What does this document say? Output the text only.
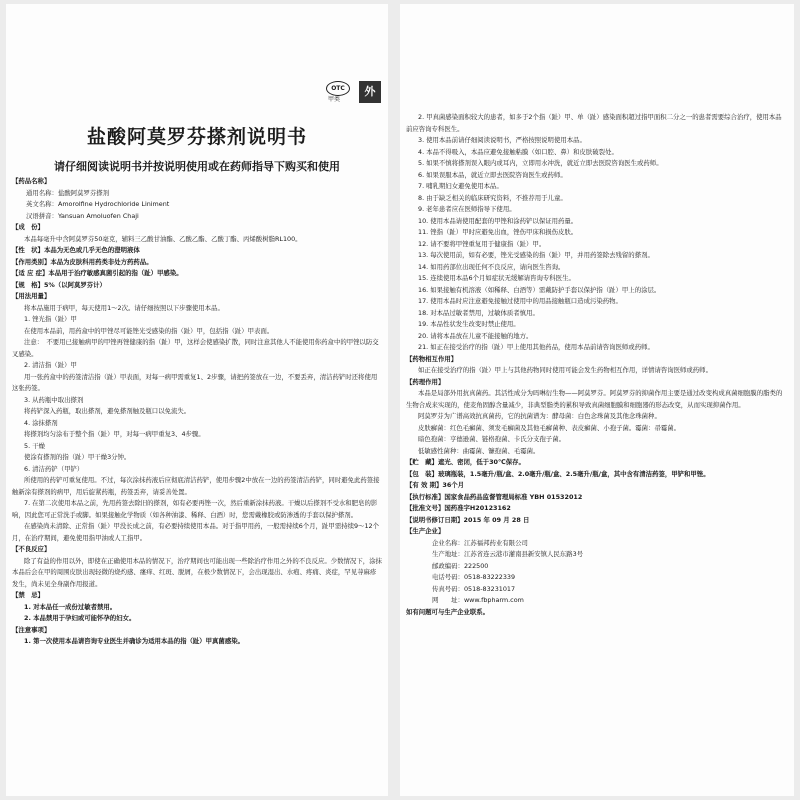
OTC
甲类
外
盐酸阿莫罗芬搽剂说明书
请仔细阅读说明书并按说明使用或在药师指导下购买和使用

【药品名称】

通用名称：盐酸阿莫罗芬搽剂

英文名称：Amorolfine Hydrochloride Liniment

汉语拼音：Yansuan Amoluofen Chaji

【成　份】

本品每毫升中含阿莫罗芬50毫克，辅料三乙酸甘油酯、乙酸乙酯、乙酸丁酯、丙烯酸树脂RL100。

【性　状】本品为无色或几乎无色的澄明液体

【作用类别】本品为皮肤科用药类非处方药药品。

【适 应 症】本品用于治疗敏感真菌引起的指（趾）甲感染。

【规　格】5%（以阿莫罗芬计）

【用法用量】

将本品施用于病甲，每天使用1～2次。请仔细按照以下步骤使用本品。

1. 锉光指（趾）甲

在使用本品前，用药盒中的甲锉尽可能锉光受感染的指（趾）甲，包括指（趾）甲表面。

注意：　不要用已接触病甲的甲锉再锉健康的指（趾）甲，这样会使感染扩散，同时注意其他人不能使用你药盒中的甲锉以防交叉感染。

2. 清洁指（趾）甲

用一张药盒中的药签清洁指（趾）甲表面，对每一病甲需重复1、2步骤，请把药签放在一边，不要丢弃，清洁药铲时还将使用这张药签。

3. 从药瓶中取出搽剂

将药铲深入药瓶，取出搽剂，避免搽剂触及瓶口以免流失。

4. 涂抹搽剂

将搽剂均匀涂布于整个指（趾）甲，对每一病甲重复3、4步骤。

5. 干燥

使涂有搽剂的指（趾）甲干燥3分钟。

6. 清洁药铲（甲铲）

所使用的药铲可重复使用。不过，每次涂抹药液后应彻底清洁药铲，使用步骤2中放在一边的药签清洁药铲，同时避免此药签接触新涂有搽剂的病甲，用后旋紧药瓶，药签丢弃，请妥善处置。

7. 在第二次使用本品之前，先用药签去除旧的搽剂，如有必要再锉一次，然后重新涂抹药液。干燥以后搽剂不受水和肥皂的影响，因此您可正常洗手或脚。如果接触化学物质（如各种油漆、稀释、白酒）时，您需戴橡胶或防渗透的手套以保护搽剂。

在感染尚未清除、正常指（趾）甲没长成之前，有必要持续使用本品。对于指甲用药，一般需持续6个月，趾甲需持续9～12个月，在治疗期间，避免使用指甲油或人工指甲。

【不良反应】

除了有益的作用以外，即使在正确使用本品的情况下，治疗期间也可能出现一些除治疗作用之外的不良反应。少数情况下，涂抹本品后会在甲的周围皮肤出现轻微的烧灼感、瘙痒、红斑、脱屑，在极少数情况下，会出现湿出、水疱、疼痛、炎症，罕见荨麻疹发生，尚未见全身副作用报道。

【禁　忌】

1. 对本品任一成份过敏者禁用。

2. 本品禁用于孕妇或可能怀孕的妇女。

【注意事项】

1. 第一次使用本品请咨询专业医生并确诊为适用本品的指（趾）甲真菌感染。

2. 甲真菌感染面积较大的患者，如多于2个指（趾）甲、单（趾）感染面积超过指甲面积二分之一的患者需要综合治疗，使用本品前应咨询专科医生。

3. 使用本品前请仔细阅读说明书，严格按照说明使用本品。

4. 本品不得吸入，本品应避免接触粘膜（如口腔、鼻）和皮肤破裂处。

5. 如果不慎将搽剂误入眼内或耳内，立即用水冲洗，就近立即去医院咨询医生或药师。

6. 如果误服本品，就近立即去医院咨询医生或药师。

7. 哺乳期妇女避免使用本品。

8. 由于缺乏相关的临床研究资料，不推荐用于儿童。

9. 老年患者应在医师指导下使用。

10. 使用本品请使用配套的甲锉和涂药铲以保证用药量。

11. 锉指（趾）甲时应避免出血，锉伤甲床和损伤皮肤。

12. 请不要将甲锉重复用于健康指（趾）甲。

13. 每次使用前，如有必要，锉光受感染的指（趾）甲，并用药签除去残留的搽剂。

14. 如用药部位出现任何不良反应，请向医生咨询。

15. 连续使用本品6个月如症状无缓解请咨询专科医生。

16. 如果接触有机溶液（如稀释、白酒等）需戴防护手套以保护指（趾）甲上的涂层。

17. 使用本品时应注意避免接触过使用中的用品接触瓶口造成污染药物。

18. 对本品过敏者禁用，过敏体质者慎用。

19. 本品性状发生改变时禁止使用。

20. 请将本品放在儿童不能接触的地方。

21. 如正在接受治疗的指（趾）甲上使用其他药品，使用本品前请咨询医师或药师。

【药物相互作用】

如正在接受治疗的指（趾）甲上与其他药物同时使用可能会发生药物相互作用，详情请咨询医师或药师。

【药理作用】

本品是局部外用抗真菌药。其活性成分为吗啉衍生物——阿莫罗芬。阿莫罗芬的抑菌作用主要是通过改变构成真菌细胞膜的脂类的生物合成来实现的，使麦角固醇含量减少，非典型脂类的累积导致真菌细胞膜和细胞器的形态改变，从而实现抑菌作用。

阿莫罗芬为广谱高效抗真菌药，它的抗菌谱为：酵母菌：白色念珠菌及其他念珠菌种。

皮肤癣菌：红色毛癣菌、须发毛癣菌及其他毛癣菌种、表皮癣菌、小孢子菌。霉菌：帚霉菌。

暗色孢菌：亨德逊菌、链格孢菌、卡氏分支孢子菌。

低敏感性菌种：曲霉菌、镰孢菌、毛霉菌。

【贮　藏】遮光、密闭，低于30℃保存。

【包　装】玻璃瓶装，1.5毫升/瓶/盒、2.0毫升/瓶/盒、2.5毫升/瓶/盒，其中含有清洁药签，甲铲和甲锉。

【有 效 期】36个月

【执行标准】国家食品药品监督管理局标准 YBH 01532012

【批准文号】国药准字H20123162

【说明书修订日期】2015 年 09 月 28 日

【生产企业】

企业名称：江苏福邦药业有限公司

生产地址：江苏省连云港市灌南县新安镇人民东路3号

邮政编码：222500

电话号码：0518-83222339

传真号码：0518-83231017

网　　址：www.fbpharm.com

如有问题可与生产企业联系。
